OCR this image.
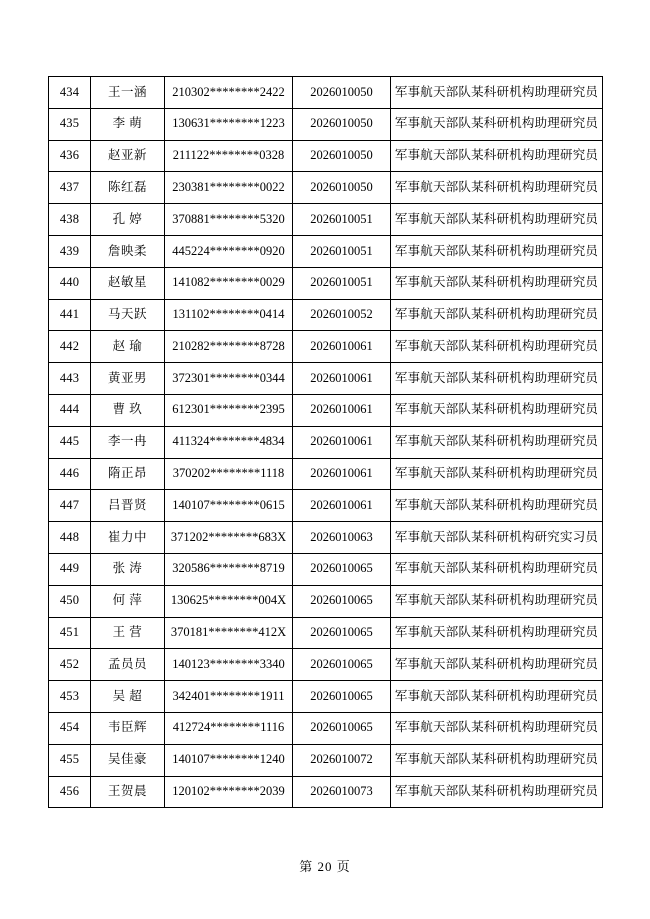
434	王一涵	210302********2422	2026010050	军事航天部队某科研机构助理研究员
435	李 萌	130631********1223	2026010050	军事航天部队某科研机构助理研究员
436	赵亚新	211122********0328	2026010050	军事航天部队某科研机构助理研究员
437	陈红磊	230381********0022	2026010050	军事航天部队某科研机构助理研究员
438	孔 婷	370881********5320	2026010051	军事航天部队某科研机构助理研究员
439	詹映柔	445224********0920	2026010051	军事航天部队某科研机构助理研究员
440	赵敏星	141082********0029	2026010051	军事航天部队某科研机构助理研究员
441	马天跃	131102********0414	2026010052	军事航天部队某科研机构助理研究员
442	赵 瑜	210282********8728	2026010061	军事航天部队某科研机构助理研究员
443	黄亚男	372301********0344	2026010061	军事航天部队某科研机构助理研究员
444	曹 玖	612301********2395	2026010061	军事航天部队某科研机构助理研究员
445	李一冉	411324********4834	2026010061	军事航天部队某科研机构助理研究员
446	隋正昂	370202********1118	2026010061	军事航天部队某科研机构助理研究员
447	吕晋贤	140107********0615	2026010061	军事航天部队某科研机构助理研究员
448	崔力中	371202********683X	2026010063	军事航天部队某科研机构研究实习员
449	张 涛	320586********8719	2026010065	军事航天部队某科研机构助理研究员
450	何 萍	130625********004X	2026010065	军事航天部队某科研机构助理研究员
451	王 营	370181********412X	2026010065	军事航天部队某科研机构助理研究员
452	孟员员	140123********3340	2026010065	军事航天部队某科研机构助理研究员
453	吴 超	342401********1911	2026010065	军事航天部队某科研机构助理研究员
454	韦臣辉	412724********1116	2026010065	军事航天部队某科研机构助理研究员
455	吴佳豪	140107********1240	2026010072	军事航天部队某科研机构助理研究员
456	王贺晨	120102********2039	2026010073	军事航天部队某科研机构助理研究员
第 20 页
